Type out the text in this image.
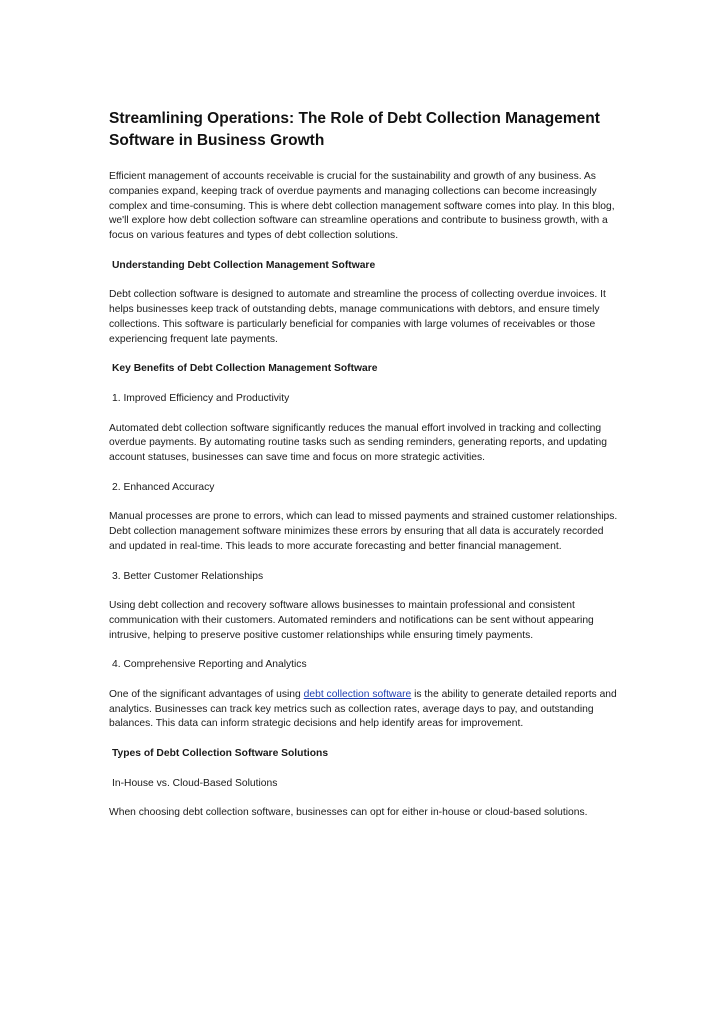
Streamlining Operations: The Role of Debt Collection Management Software in Business Growth

Efficient management of accounts receivable is crucial for the sustainability and growth of any business. As companies expand, keeping track of overdue payments and managing collections can become increasingly complex and time-consuming. This is where debt collection management software comes into play. In this blog, we'll explore how debt collection software can streamline operations and contribute to business growth, with a focus on various features and types of debt collection solutions.

Understanding Debt Collection Management Software

Debt collection software is designed to automate and streamline the process of collecting overdue invoices. It helps businesses keep track of outstanding debts, manage communications with debtors, and ensure timely collections. This software is particularly beneficial for companies with large volumes of receivables or those experiencing frequent late payments.

Key Benefits of Debt Collection Management Software

1. Improved Efficiency and Productivity

Automated debt collection software significantly reduces the manual effort involved in tracking and collecting overdue payments. By automating routine tasks such as sending reminders, generating reports, and updating account statuses, businesses can save time and focus on more strategic activities.

2. Enhanced Accuracy

Manual processes are prone to errors, which can lead to missed payments and strained customer relationships. Debt collection management software minimizes these errors by ensuring that all data is accurately recorded and updated in real-time. This leads to more accurate forecasting and better financial management.

3. Better Customer Relationships

Using debt collection and recovery software allows businesses to maintain professional and consistent communication with their customers. Automated reminders and notifications can be sent without appearing intrusive, helping to preserve positive customer relationships while ensuring timely payments.

4. Comprehensive Reporting and Analytics

One of the significant advantages of using debt collection software is the ability to generate detailed reports and analytics. Businesses can track key metrics such as collection rates, average days to pay, and outstanding balances. This data can inform strategic decisions and help identify areas for improvement.

Types of Debt Collection Software Solutions

In-House vs. Cloud-Based Solutions

When choosing debt collection software, businesses can opt for either in-house or cloud-based solutions.
